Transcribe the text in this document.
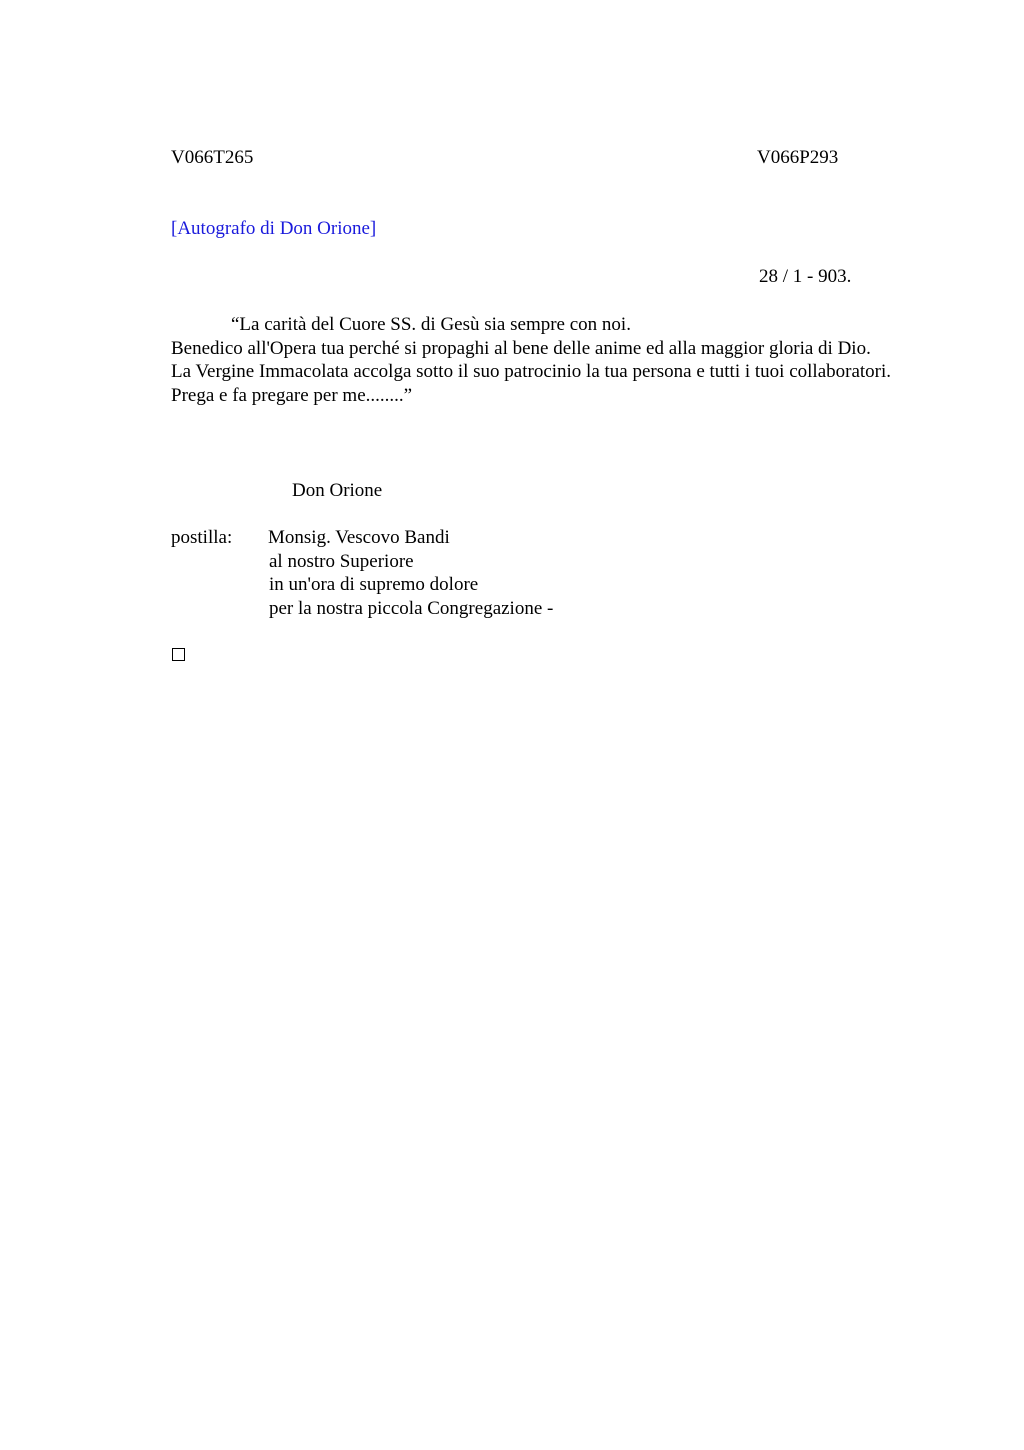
V066T265	V066P293
[Autografo di Don Orione]
28 / 1 - 903.

“La carità del Cuore SS. di Gesù sia sempre con noi.

Benedico all'Opera tua perché si propaghi al bene delle anime ed alla maggior gloria di Dio.

La Vergine Immacolata accolga sotto il suo patrocinio la tua persona e tutti i tuoi collaboratori.

Prega e fa pregare per me........”

Don Orione
postilla: Monsig. Vescovo Bandi
al nostro Superiore
in un'ora di supremo dolore
per la nostra piccola Congregazione -
